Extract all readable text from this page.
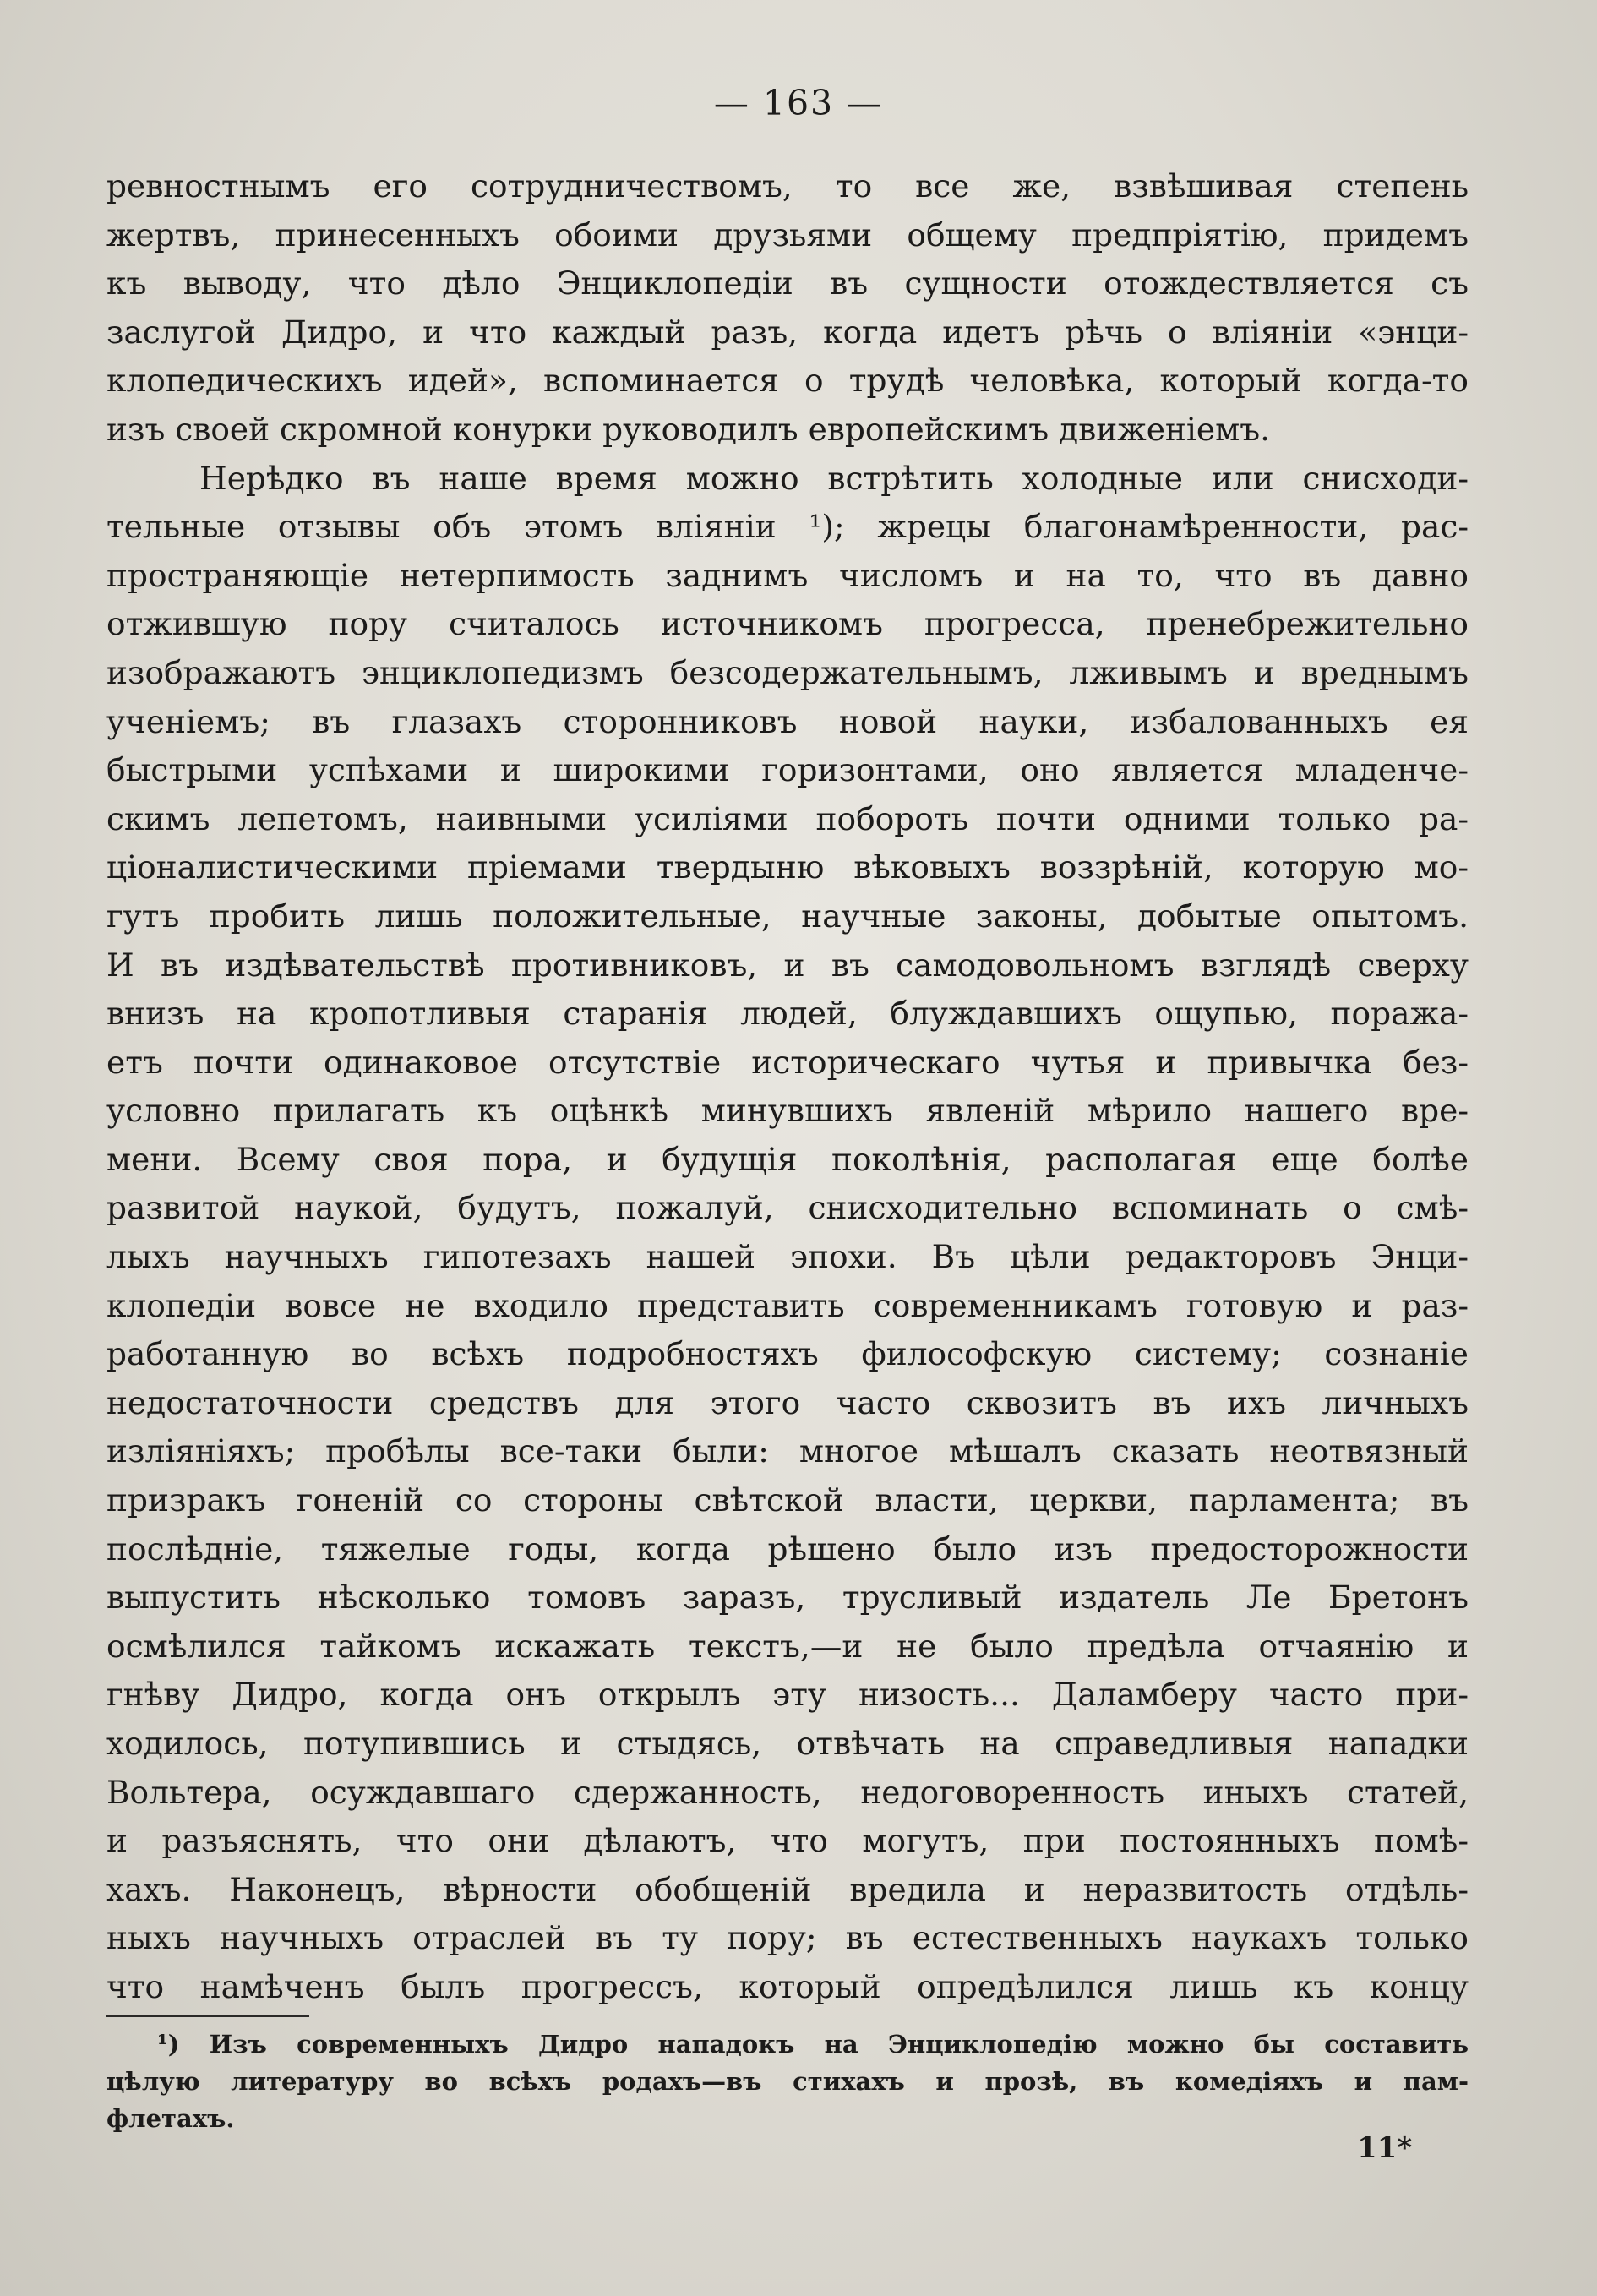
— 163 —
ревностнымъ его сотрудничествомъ, то все же, взвѣшивая степень
жертвъ, принесенныхъ обоими друзьями общему предпріятію, придемъ
къ выводу, что дѣло Энциклопедіи въ сущности отождествляется съ
заслугой Дидро, и что каждый разъ, когда идетъ рѣчь о вліяніи «энци-
клопедическихъ идей», вспоминается о трудѣ человѣка, который когда-то
изъ своей скромной конурки руководилъ европейскимъ движеніемъ.
Нерѣдко въ наше время можно встрѣтить холодные или снисходи-
тельные отзывы объ этомъ вліяніи ¹); жрецы благонамѣренности, рас-
пространяющіе нетерпимость заднимъ числомъ и на то, что въ давно
отжившую пору считалось источникомъ прогресса, пренебрежительно
изображаютъ энциклопедизмъ безсодержательнымъ, лживымъ и вреднымъ
ученіемъ; въ глазахъ сторонниковъ новой науки, избалованныхъ ея
быстрыми успѣхами и широкими горизонтами, оно является младенче-
скимъ лепетомъ, наивными усиліями побороть почти одними только ра-
ціоналистическими пріемами твердыню вѣковыхъ воззрѣній, которую мо-
гутъ пробить лишь положительные, научные законы, добытые опытомъ.
И въ издѣвательствѣ противниковъ, и въ самодовольномъ взглядѣ сверху
внизъ на кропотливыя старанія людей, блуждавшихъ ощупью, поража-
етъ почти одинаковое отсутствіе историческаго чутья и привычка без-
условно прилагать къ оцѣнкѣ минувшихъ явленій мѣрило нашего вре-
мени. Всему своя пора, и будущія поколѣнія, располагая еще болѣе
развитой наукой, будутъ, пожалуй, снисходительно вспоминать о смѣ-
лыхъ научныхъ гипотезахъ нашей эпохи. Въ цѣли редакторовъ Энци-
клопедіи вовсе не входило представить современникамъ готовую и раз-
работанную во всѣхъ подробностяхъ философскую систему; сознаніе
недостаточности средствъ для этого часто сквозитъ въ ихъ личныхъ
изліяніяхъ; пробѣлы все-таки были: многое мѣшалъ сказать неотвязный
призракъ гоненій со стороны свѣтской власти, церкви, парламента; въ
послѣдніе, тяжелые годы, когда рѣшено было изъ предосторожности
выпустить нѣсколько томовъ заразъ, трусливый издатель Ле Бретонъ
осмѣлился тайкомъ искажать текстъ,—и не было предѣла отчаянію и
гнѣву Дидро, когда онъ открылъ эту низость... Даламберу часто при-
ходилось, потупившись и стыдясь, отвѣчать на справедливыя нападки
Вольтера, осуждавшаго сдержанность, недоговоренность иныхъ статей,
и разъяснять, что они дѣлаютъ, что могутъ, при постоянныхъ помѣ-
хахъ. Наконецъ, вѣрности обобщеній вредила и неразвитость отдѣль-
ныхъ научныхъ отраслей въ ту пору; въ естественныхъ наукахъ только
что намѣченъ былъ прогрессъ, который опредѣлился лишь къ концу
¹) Изъ современныхъ Дидро нападокъ на Энциклопедію можно бы составить
цѣлую литературу во всѣхъ родахъ—въ стихахъ и прозѣ, въ комедіяхъ и пам-
флетахъ.
11*
